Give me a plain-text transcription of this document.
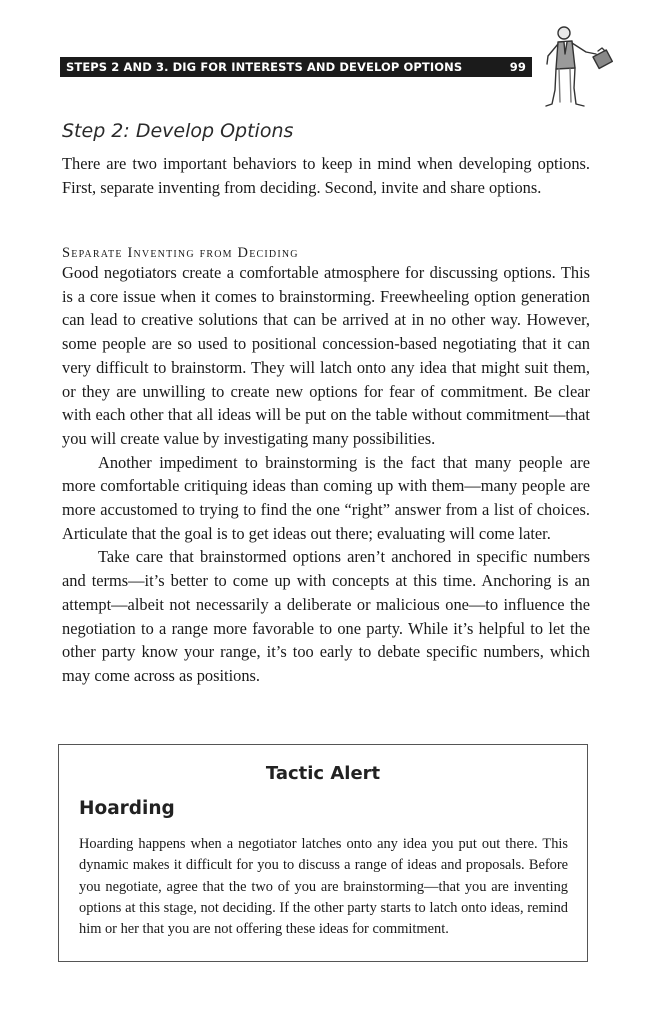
STEPS 2 AND 3. DIG FOR INTERESTS AND DEVELOP OPTIONS	99
Step 2: Develop Options

There are two important behaviors to keep in mind when developing options. First, separate inventing from deciding. Second, invite and share options.

Separate Inventing from Deciding

Good negotiators create a comfortable atmosphere for discussing options. This is a core issue when it comes to brainstorming. Freewheeling option generation can lead to creative solutions that can be arrived at in no other way. However, some people are so used to positional concession-based negotiating that it can very difficult to brainstorm. They will latch onto any idea that might suit them, or they are unwilling to create new options for fear of commitment. Be clear with each other that all ideas will be put on the table without commitment—that you will create value by investigating many possibilities.

Another impediment to brainstorming is the fact that many people are more comfortable critiquing ideas than coming up with them—many people are more accustomed to trying to find the one “right” answer from a list of choices. Articulate that the goal is to get ideas out there; evaluating will come later.

Take care that brainstormed options aren’t anchored in specific numbers and terms—it’s better to come up with concepts at this time. Anchoring is an attempt—albeit not necessarily a deliberate or malicious one—to influence the negotiation to a range more favorable to one party. While it’s helpful to let the other party know your range, it’s too early to debate specific numbers, which may come across as positions.

Tactic Alert
Hoarding

Hoarding happens when a negotiator latches onto any idea you put out there. This dynamic makes it difficult for you to discuss a range of ideas and proposals. Before you negotiate, agree that the two of you are brainstorming—that you are inventing options at this stage, not deciding. If the other party starts to latch onto ideas, remind him or her that you are not offering these ideas for commitment.
